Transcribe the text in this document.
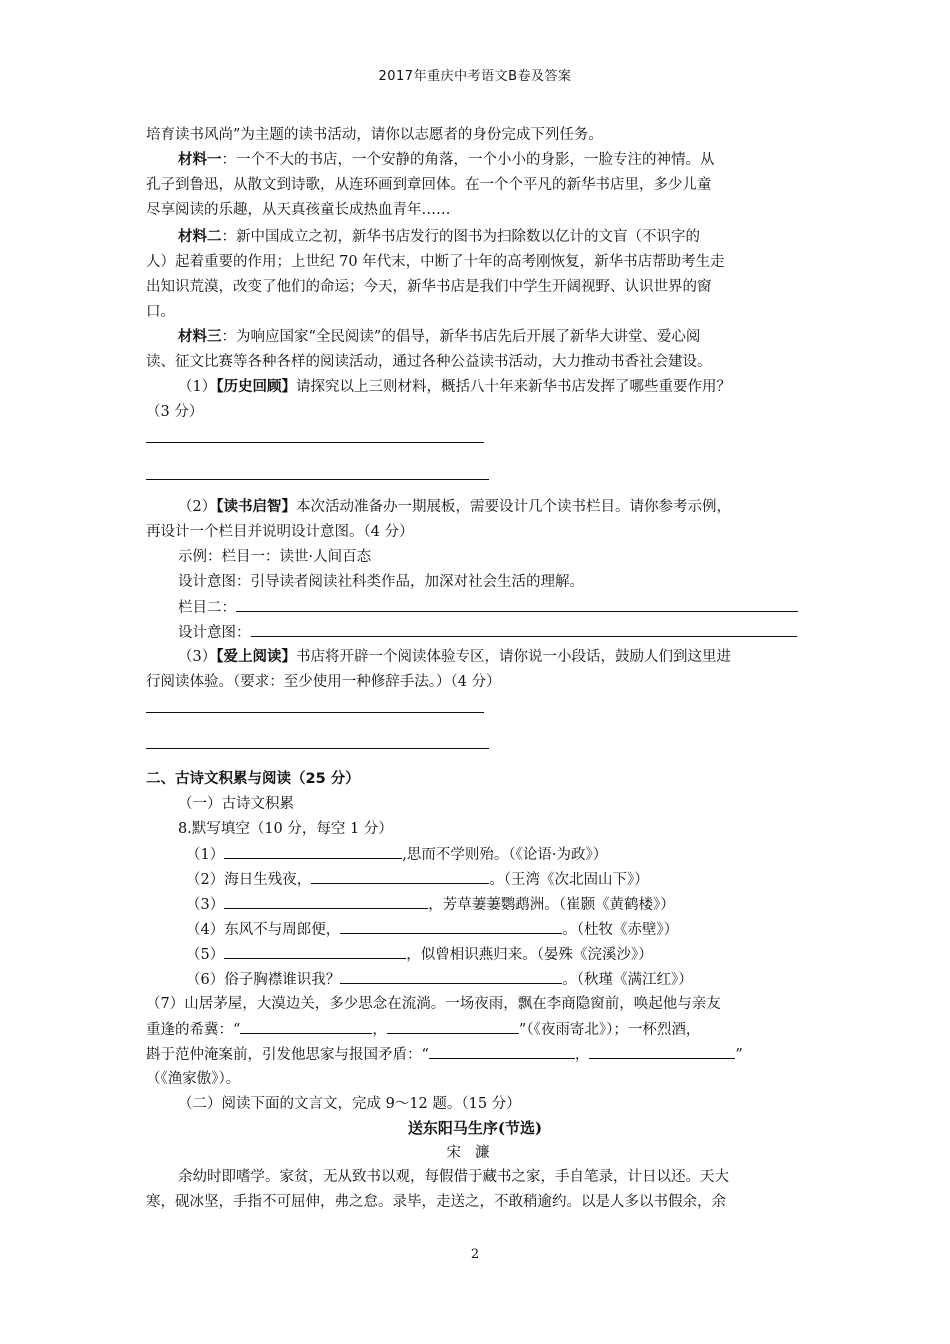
2017年重庆中考语文B卷及答案
培育读书风尚”为主题的读书活动，请你以志愿者的身份完成下列任务。
材料一：一个不大的书店，一个安静的角落，一个小小的身影，一脸专注的神情。从
孔子到鲁迅，从散文到诗歌，从连环画到章回体。在一个个平凡的新华书店里，多少儿童
尽享阅读的乐趣，从天真孩童长成热血青年……
材料二：新中国成立之初，新华书店发行的图书为扫除数以亿计的文盲（不识字的
人）起着重要的作用；上世纪 70 年代末，中断了十年的高考刚恢复，新华书店帮助考生走
出知识荒漠，改变了他们的命运；今天，新华书店是我们中学生开阔视野、认识世界的窗
口。
材料三：为响应国家“全民阅读”的倡导，新华书店先后开展了新华大讲堂、爱心阅
读、征文比赛等各种各样的阅读活动，通过各种公益读书活动，大力推动书香社会建设。
（1）【历史回顾】请探究以上三则材料，概括八十年来新华书店发挥了哪些重要作用？
（3 分）
（2）【读书启智】本次活动准备办一期展板，需要设计几个读书栏目。请你参考示例，
再设计一个栏目并说明设计意图。（4 分）
示例：栏目一：读世·人间百态
设计意图：引导读者阅读社科类作品，加深对社会生活的理解。
栏目二：
设计意图：
（3）【爱上阅读】书店将开辟一个阅读体验专区，请你说一小段话，鼓励人们到这里进
行阅读体验。（要求：至少使用一种修辞手法。）（4 分）
二、古诗文积累与阅读（25 分）
（一）古诗文积累
8.默写填空（10 分，每空 1 分）
（1）	,思而不学则殆。（《论语·为政》）
（2）海日生残夜，	。（王湾《次北固山下》）
（3）	，芳草萋萋鹦鹉洲。（崔颢《黄鹤楼》）
（4）东风不与周郎便，	。（杜牧《赤壁》）
（5）	，似曾相识燕归来。（晏殊《浣溪沙》）
（6）俗子胸襟谁识我？	。（秋瑾《满江红》）
（7）山居茅屋，大漠边关，多少思念在流淌。一场夜雨，飘在李商隐窗前，唤起他与亲友
重逢的希冀：“	，	”（《夜雨寄北》）；一杯烈酒，
斟于范仲淹案前，引发他思家与报国矛盾：“	，	”
（《渔家傲》）。
（二）阅读下面的文言文，完成 9～12 题。（15 分）
送东阳马生序(节选)
宋濂
余幼时即嗜学。家贫，无从致书以观，每假借于藏书之家，手自笔录，计日以还。天大
寒，砚冰坚，手指不可屈伸，弗之怠。录毕，走送之，不敢稍逾约。以是人多以书假余，余
2
